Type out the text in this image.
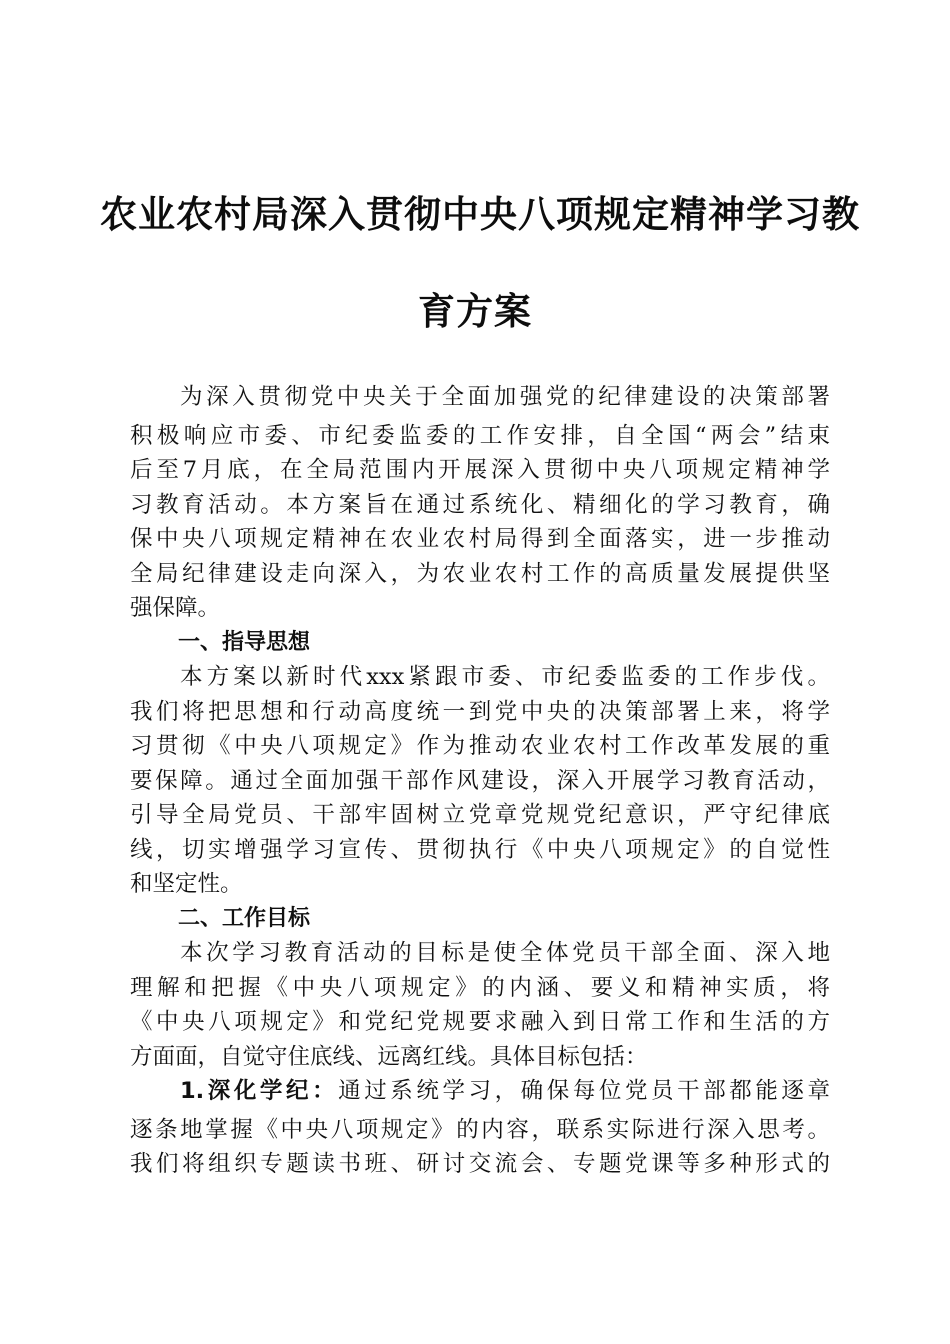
农业农村局深入贯彻中央八项规定精神学习教
育方案
为深入贯彻党中央关于全面加强党的纪律建设的决策部署
积极响应市委、市纪委监委的工作安排，自全国“两会”结束
后至7月底，在全局范围内开展深入贯彻中央八项规定精神学
习教育活动。本方案旨在通过系统化、精细化的学习教育，确
保中央八项规定精神在农业农村局得到全面落实，进一步推动
全局纪律建设走向深入，为农业农村工作的高质量发展提供坚
强保障。
一、指导思想
本方案以新时代xxx紧跟市委、市纪委监委的工作步伐。
我们将把思想和行动高度统一到党中央的决策部署上来，将学
习贯彻《中央八项规定》作为推动农业农村工作改革发展的重
要保障。通过全面加强干部作风建设，深入开展学习教育活动，
引导全局党员、干部牢固树立党章党规党纪意识，严守纪律底
线，切实增强学习宣传、贯彻执行《中央八项规定》的自觉性
和坚定性。
二、工作目标
本次学习教育活动的目标是使全体党员干部全面、深入地
理解和把握《中央八项规定》的内涵、要义和精神实质，将
《中央八项规定》和党纪党规要求融入到日常工作和生活的方
方面面，自觉守住底线、远离红线。具体目标包括：
1.深化学纪：通过系统学习，确保每位党员干部都能逐章
逐条地掌握《中央八项规定》的内容，联系实际进行深入思考。
我们将组织专题读书班、研讨交流会、专题党课等多种形式的
